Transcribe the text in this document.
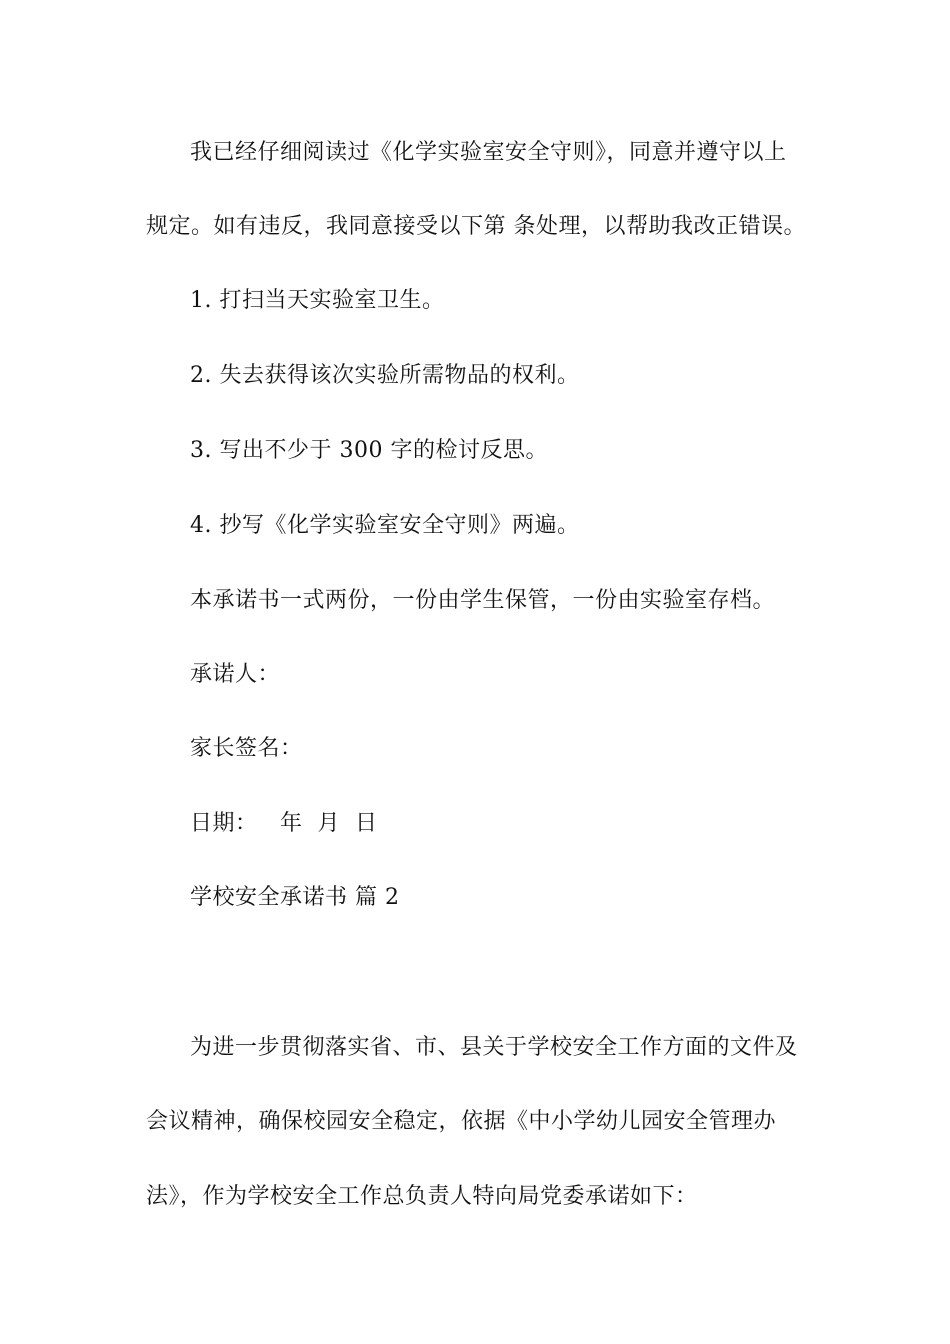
我已经仔细阅读过《化学实验室安全守则》，同意并遵守以上
规定。如有违反，我同意接受以下第 条处理，以帮助我改正错误。
1. 打扫当天实验室卫生。
2. 失去获得该次实验所需物品的权利。
3. 写出不少于 300 字的检讨反思。
4. 抄写《化学实验室安全守则》两遍。
本承诺书一式两份，一份由学生保管，一份由实验室存档。
承诺人：
家长签名：
日期：   年  月  日
学校安全承诺书 篇 2
为进一步贯彻落实省、市、县关于学校安全工作方面的文件及
会议精神，确保校园安全稳定，依据《中小学幼儿园安全管理办
法》，作为学校安全工作总负责人特向局党委承诺如下：
